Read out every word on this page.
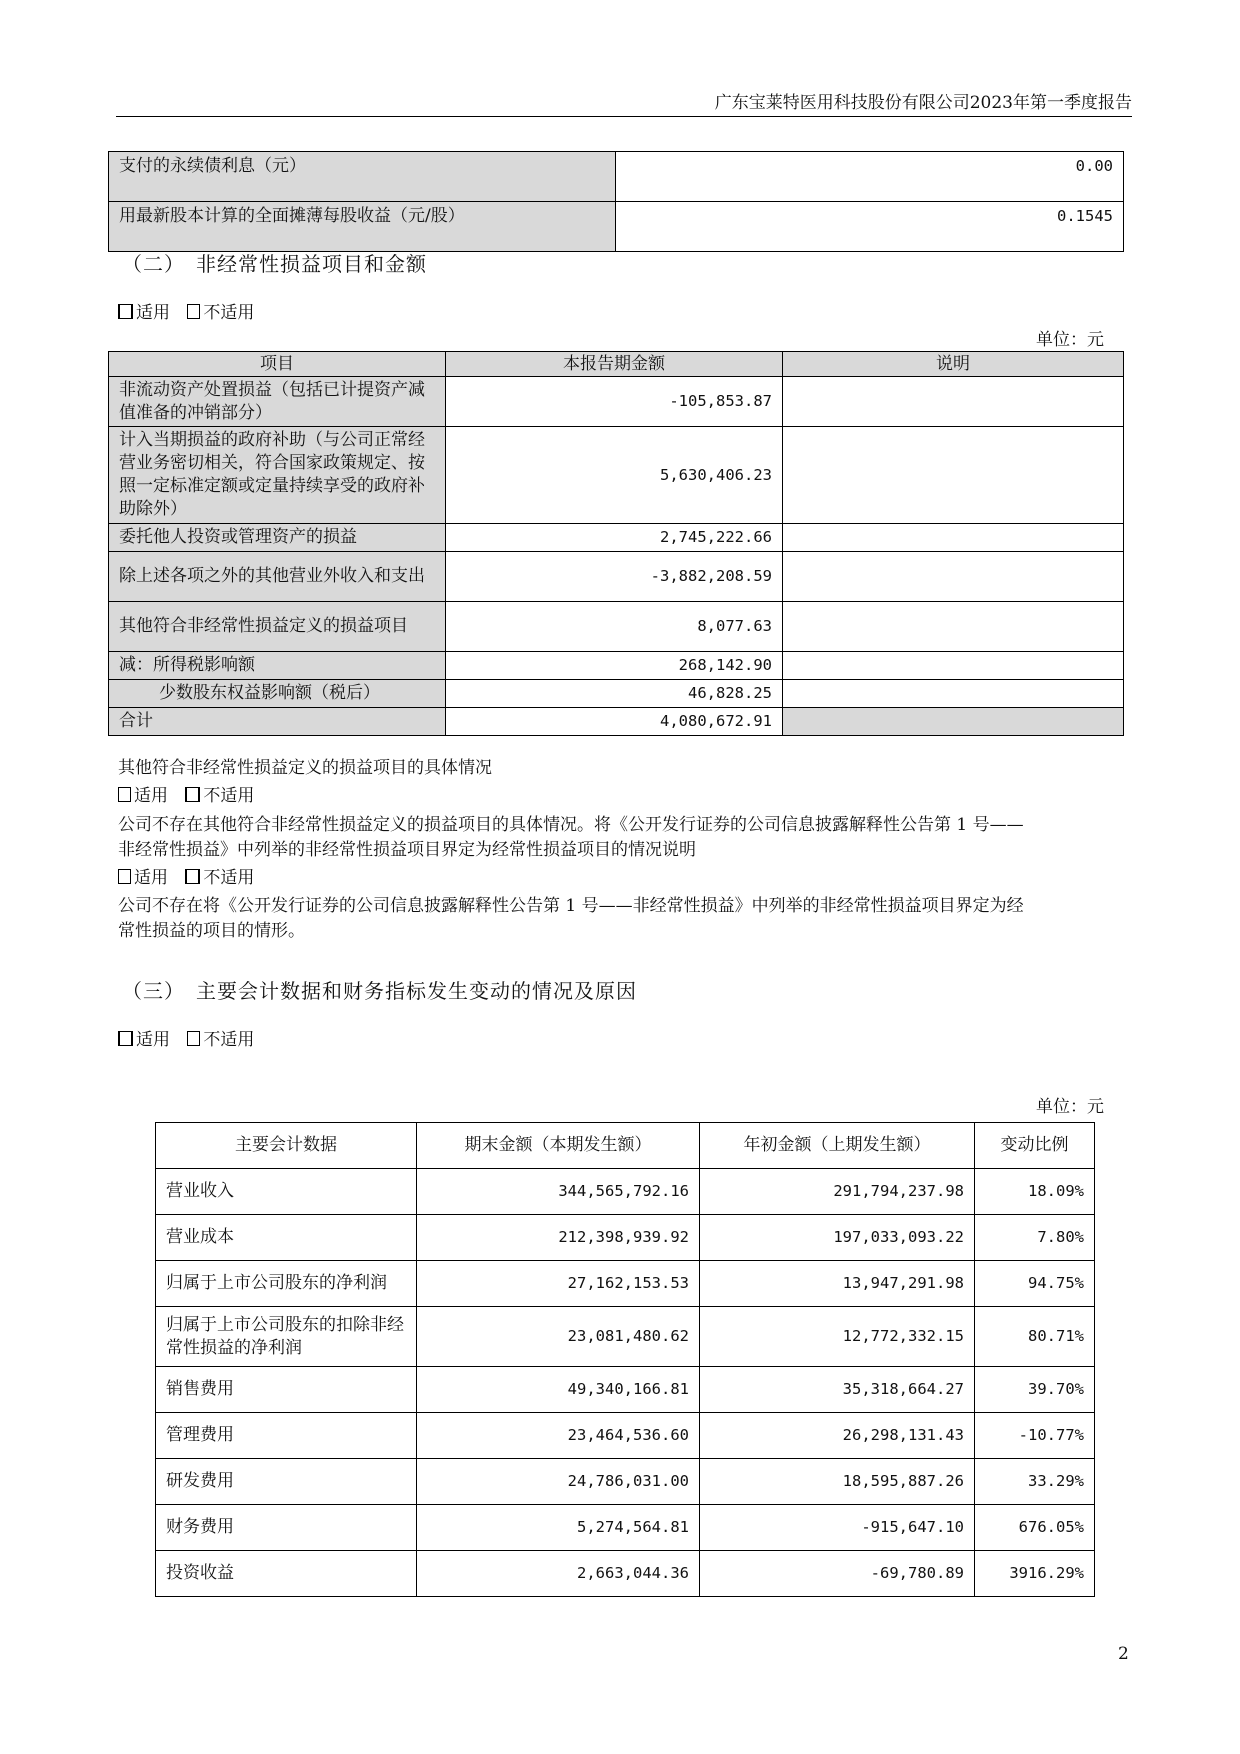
广东宝莱特医用科技股份有限公司2023年第一季度报告
支付的永续债利息（元）	0.00
用最新股本计算的全面摊薄每股收益（元/股）	0.1545
（二）　非经常性损益项目和金额
适用 不适用
单位：元
项目	本报告期金额	说明
非流动资产处置损益（包括已计提资产减值准备的冲销部分）	-105,853.87	
计入当期损益的政府补助（与公司正常经营业务密切相关，符合国家政策规定、按照一定标准定额或定量持续享受的政府补助除外）	5,630,406.23	
委托他人投资或管理资产的损益	2,745,222.66	
除上述各项之外的其他营业外收入和支出	-3,882,208.59	
其他符合非经常性损益定义的损益项目	8,077.63	
减：所得税影响额	268,142.90	
少数股东权益影响额（税后）	46,828.25	
合计	4,080,672.91	
其他符合非经常性损益定义的损益项目的具体情况
适用 不适用
公司不存在其他符合非经常性损益定义的损益项目的具体情况。将《公开发行证券的公司信息披露解释性公告第 1 号——
非经常性损益》中列举的非经常性损益项目界定为经常性损益项目的情况说明
适用 不适用
公司不存在将《公开发行证券的公司信息披露解释性公告第 1 号——非经常性损益》中列举的非经常性损益项目界定为经
常性损益的项目的情形。
（三）　主要会计数据和财务指标发生变动的情况及原因
适用 不适用
单位：元
主要会计数据	期末金额（本期发生额）	年初金额（上期发生额）	变动比例
营业收入	344,565,792.16	291,794,237.98	18.09%
营业成本	212,398,939.92	197,033,093.22	7.80%
归属于上市公司股东的净利润	27,162,153.53	13,947,291.98	94.75%
归属于上市公司股东的扣除非经常性损益的净利润	23,081,480.62	12,772,332.15	80.71%
销售费用	49,340,166.81	35,318,664.27	39.70%
管理费用	23,464,536.60	26,298,131.43	-10.77%
研发费用	24,786,031.00	18,595,887.26	33.29%
财务费用	5,274,564.81	-915,647.10	676.05%
投资收益	2,663,044.36	-69,780.89	3916.29%
2
